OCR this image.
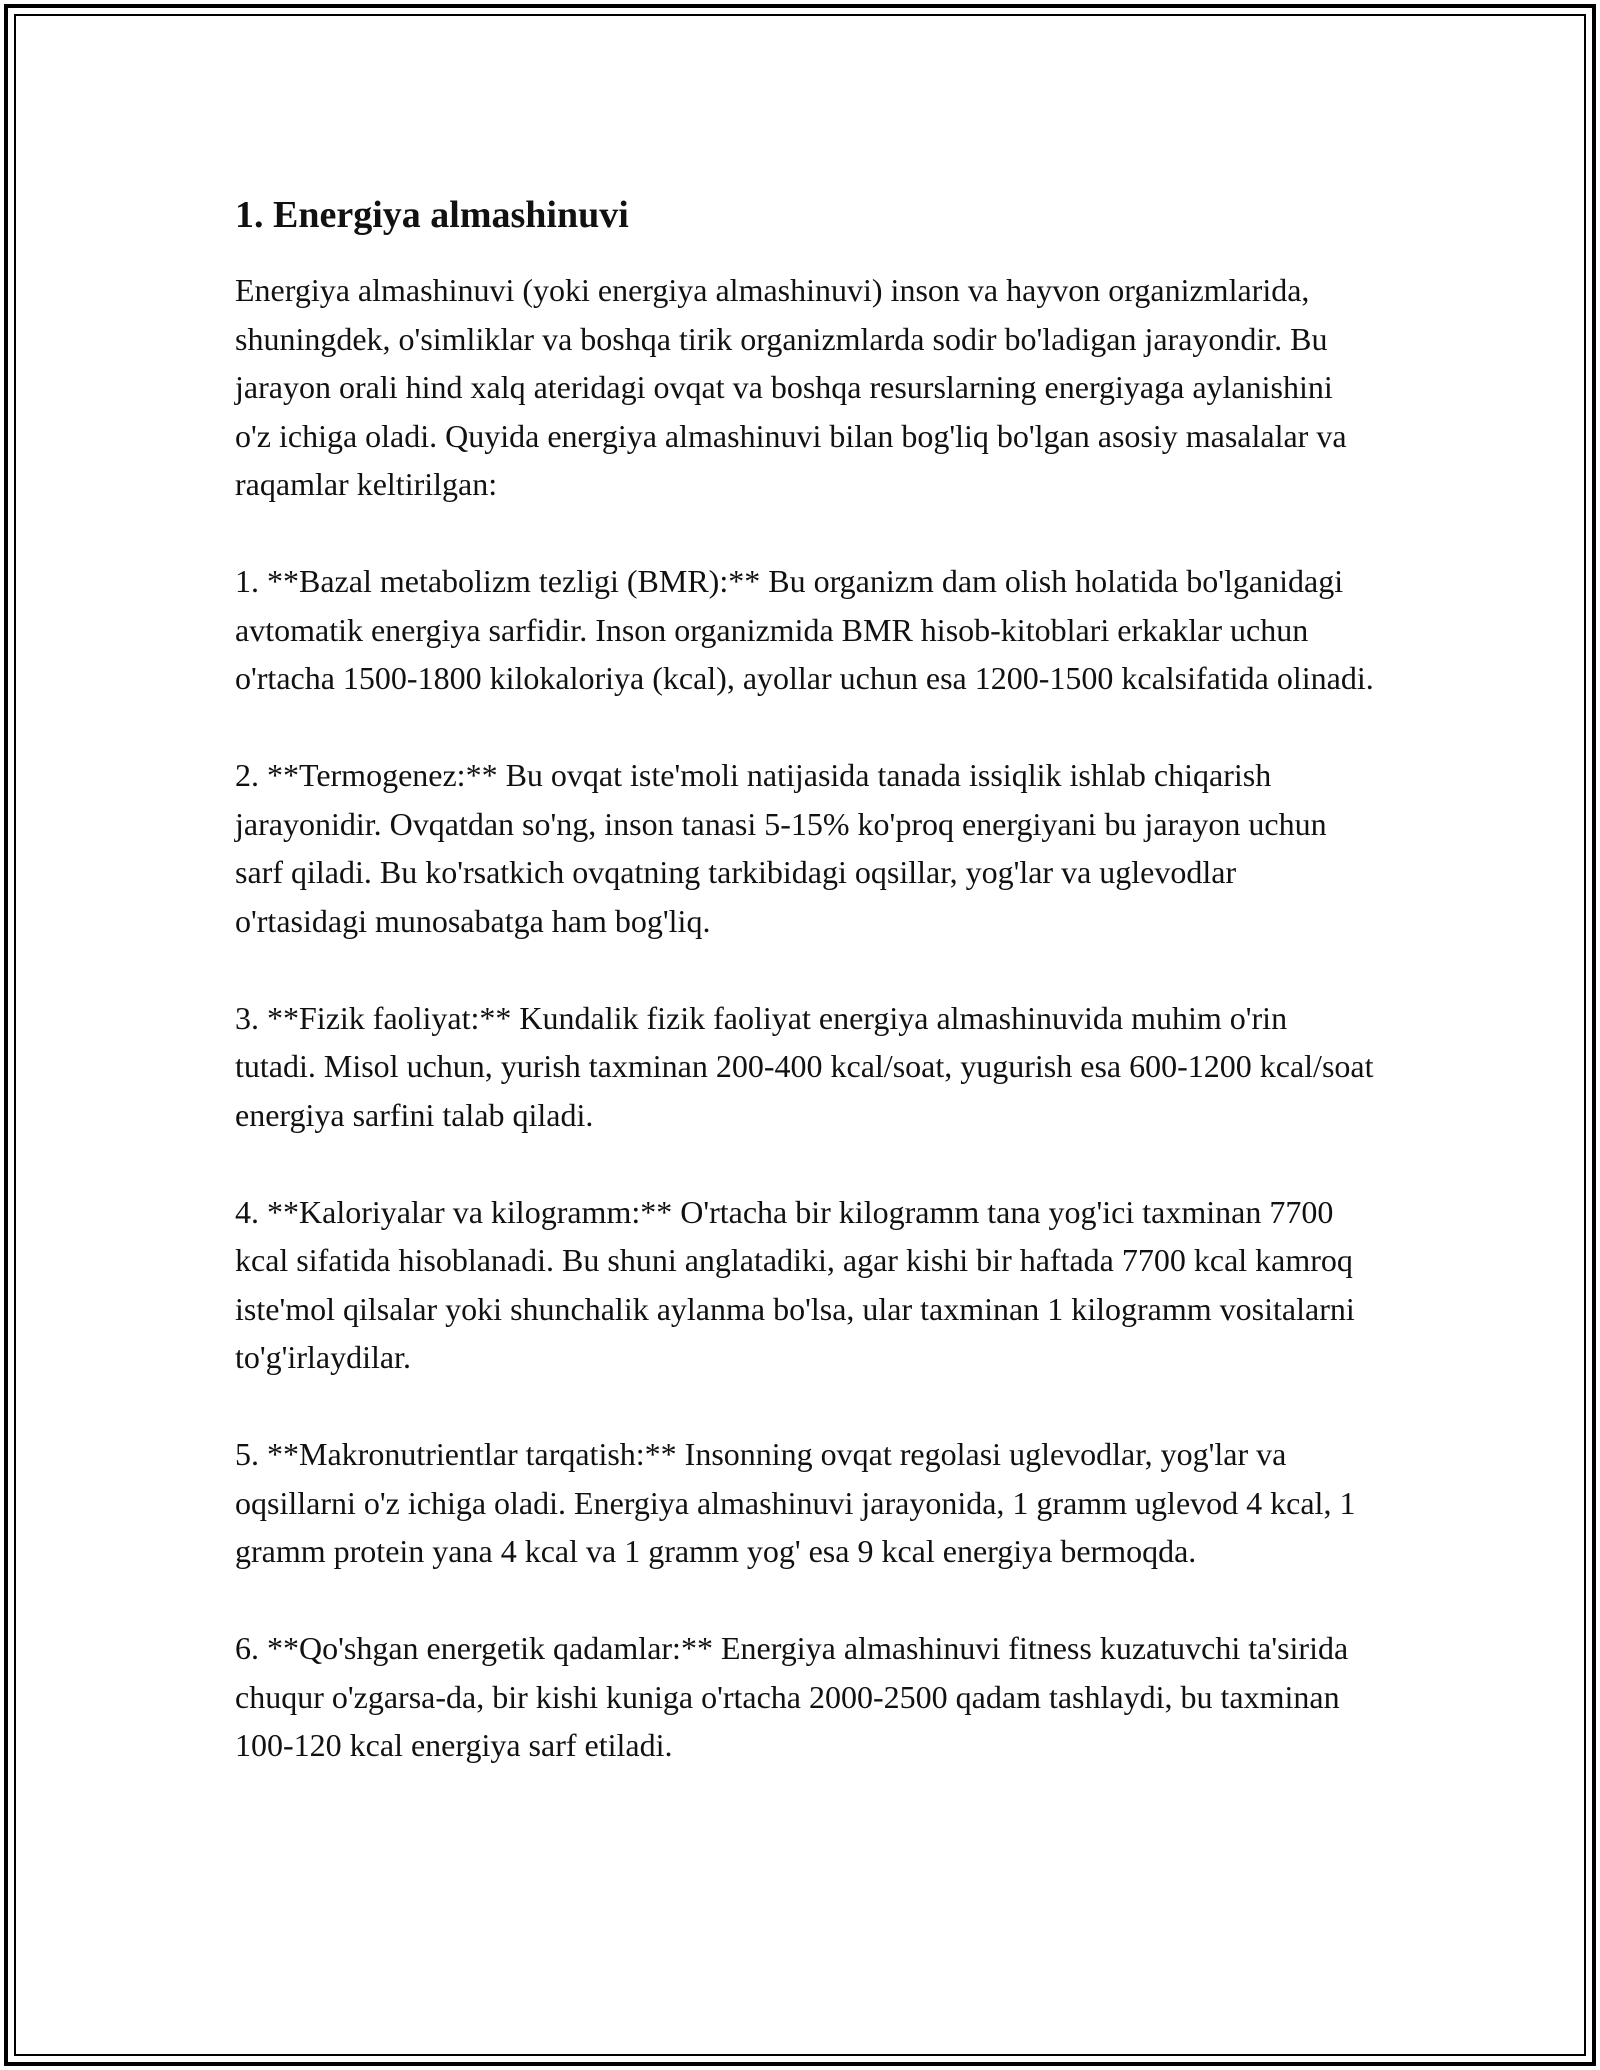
1. Energiya almashinuvi

Energiya almashinuvi (yoki energiya almashinuvi) inson va hayvon organizmlarida, shuningdek, o'simliklar va boshqa tirik organizmlarda sodir bo'ladigan jarayondir. Bu jarayon orali hind xalq ateridagi ovqat va boshqa resurslarning energiyaga aylanishini o'z ichiga oladi. Quyida energiya almashinuvi bilan bog'liq bo'lgan asosiy masalalar va raqamlar keltirilgan:

1. **Bazal metabolizm tezligi (BMR):** Bu organizm dam olish holatida bo'lganidagi avtomatik energiya sarfidir. Inson organizmida BMR hisob-kitoblari erkaklar uchun o'rtacha 1500-1800 kilokaloriya (kcal), ayollar uchun esa 1200-1500 kcalsifatida olinadi.

2. **Termogenez:** Bu ovqat iste'moli natijasida tanada issiqlik ishlab chiqarish jarayonidir. Ovqatdan so'ng, inson tanasi 5-15% ko'proq energiyani bu jarayon uchun sarf qiladi. Bu ko'rsatkich ovqatning tarkibidagi oqsillar, yog'lar va uglevodlar o'rtasidagi munosabatga ham bog'liq.

3. **Fizik faoliyat:** Kundalik fizik faoliyat energiya almashinuvida muhim o'rin tutadi. Misol uchun, yurish taxminan 200-400 kcal/soat, yugurish esa 600-1200 kcal/soat energiya sarfini talab qiladi.

4. **Kaloriyalar va kilogramm:** O'rtacha bir kilogramm tana yog'ici taxminan 7700 kcal sifatida hisoblanadi. Bu shuni anglatadiki, agar kishi bir haftada 7700 kcal kamroq iste'mol qilsalar yoki shunchalik aylanma bo'lsa, ular taxminan 1 kilogramm vositalarni to'g'irlaydilar.

5. **Makronutrientlar tarqatish:** Insonning ovqat regolasi uglevodlar, yog'lar va oqsillarni o'z ichiga oladi. Energiya almashinuvi jarayonida, 1 gramm uglevod 4 kcal, 1 gramm protein yana 4 kcal va 1 gramm yog' esa 9 kcal energiya bermoqda.

6. **Qo'shgan energetik qadamlar:** Energiya almashinuvi fitness kuzatuvchi ta'sirida chuqur o'zgarsa-da, bir kishi kuniga o'rtacha 2000-2500 qadam tashlaydi, bu taxminan 100-120 kcal energiya sarf etiladi.
